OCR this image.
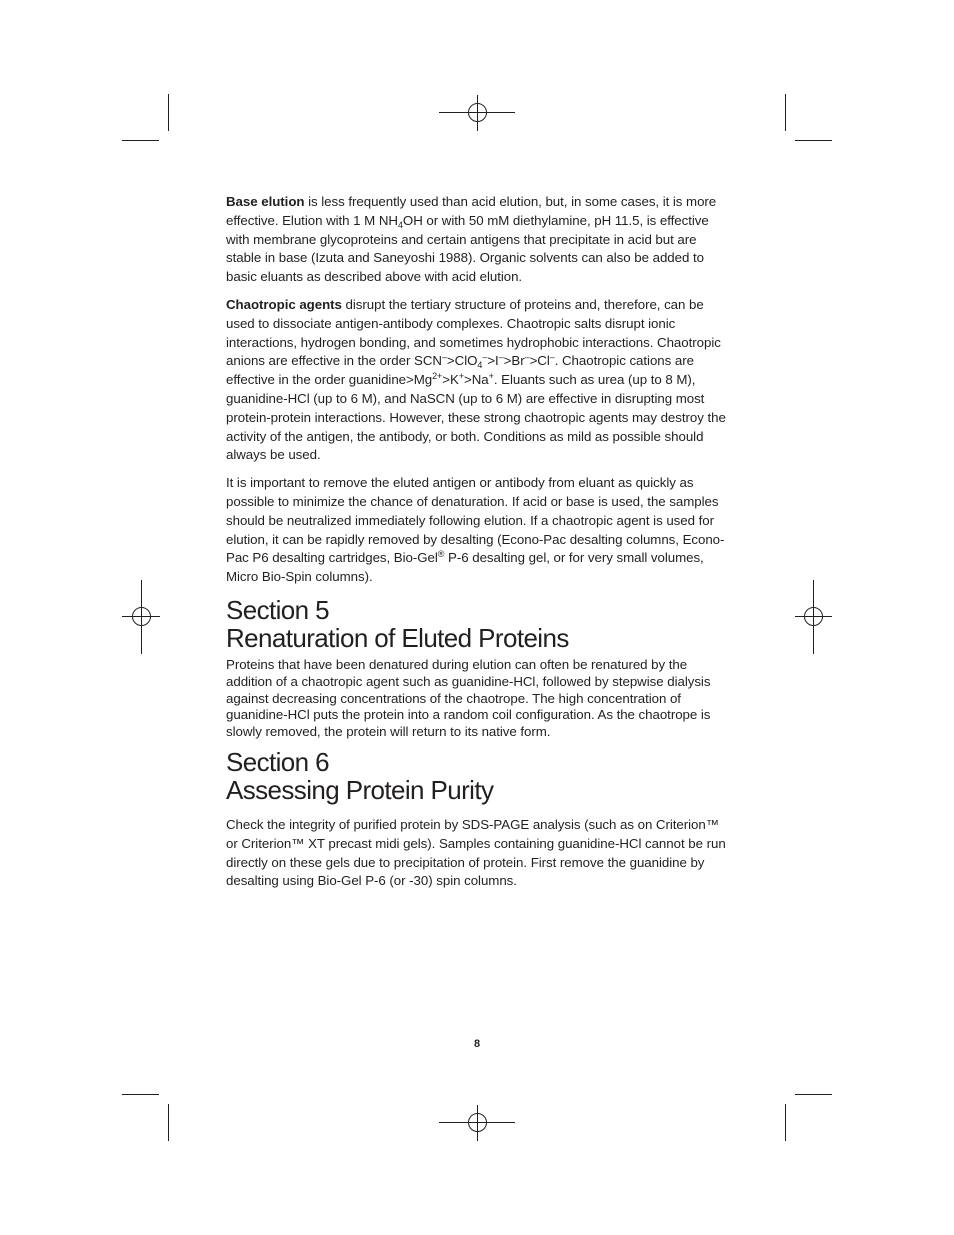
Base elution is less frequently used than acid elution, but, in some cases, it is more effective. Elution with 1 M $NH_4OH$ or with 50 mM diethylamine, pH 11.5, is effective with membrane glycoproteins and certain antigens that precipitate in acid but are stable in base (Izuta and Saneyoshi 1988). Organic solvents can also be added to basic eluants as described above with acid elution.

Chaotropic agents disrupt the tertiary structure of proteins and, therefore, can be used to dissociate antigen-antibody complexes. Chaotropic salts disrupt ionic interactions, hydrogen bonding, and sometimes hydrophobic interactions. Chaotropic anions are effective in the order SCN–>ClO$_4$–>I–>Br–>Cl–. Chaotropic cations are effective in the order $guanidine>Mg^{2+}>K^+>Na^+$. Eluants such as urea (up to 8 M), guanidine-HCl (up to 6 M), and NaSCN (up to 6 M) are effective in disrupting most protein-protein interactions. However, these strong chaotropic agents may destroy the activity of the antigen, the antibody, or both. Conditions as mild as possible should always be used.

It is important to remove the eluted antigen or antibody from eluant as quickly as possible to minimize the chance of denaturation. If acid or base is used, the samples should be neutralized immediately following elution. If a chaotropic agent is used for elution, it can be rapidly removed by desalting (Econo-Pac desalting columns, Econo-Pac P6 desalting cartridges, Bio-Gel® P-6 desalting gel, or for very small volumes, Micro Bio-Spin columns).

Section 5
Renaturation of Eluted Proteins

Proteins that have been denatured during elution can often be renatured by the addition of a chaotropic agent such as guanidine-HCl, followed by stepwise dialysis against decreasing concentrations of the chaotrope. The high concentration of guanidine-HCl puts the protein into a random coil configuration. As the chaotrope is slowly removed, the protein will return to its native form.

Section 6
Assessing Protein Purity

Check the integrity of purified protein by SDS-PAGE analysis (such as on Criterion™ or Criterion™ XT precast midi gels). Samples containing guanidine-HCl cannot be run directly on these gels due to precipitation of protein. First remove the guanidine by desalting using Bio-Gel P-6 (or -30) spin columns.

8
